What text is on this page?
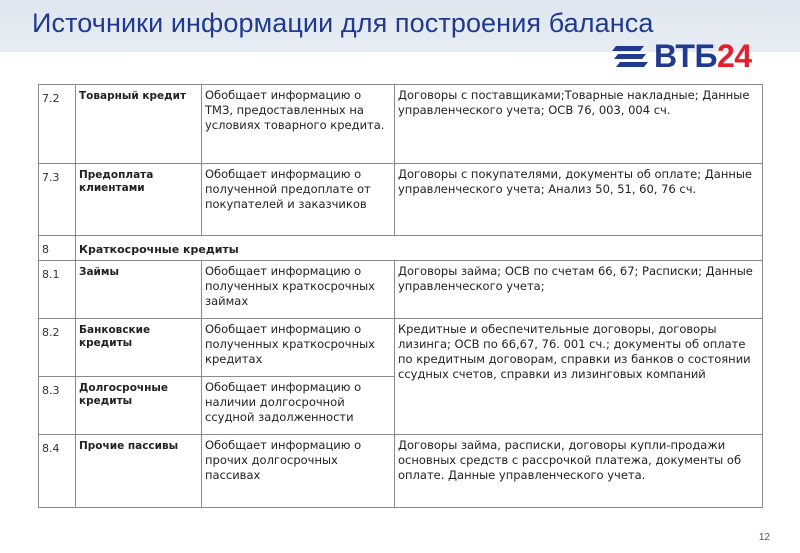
Источники информации для построения баланса
ВТБ24
7.2	Товарный кредит	Обобщает информацию о ТМЗ, предоставленных на условиях товарного кредита.	Договоры с поставщиками;Товарные накладные; Данные управленческого учета; ОСВ 76, 003, 004 сч.
7.3	Предоплата клиентами	Обобщает информацию о полученной предоплате от покупателей и заказчиков	Договоры с покупателями, документы об оплате; Данные управленческого учета; Анализ 50, 51, 60, 76 сч.
8	Краткосрочные кредиты		
8.1	Займы	Обобщает информацию о полученных краткосрочных займах	Договоры займа; ОСВ по счетам 66, 67; Расписки; Данные управленческого учета;
8.2	Банковские кредиты	Обобщает информацию о полученных краткосрочных кредитах	Кредитные и обеспечительные договоры, договоры лизинга; ОСВ по 66,67, 76. 001 сч.; документы об оплате по кредитным договорам, справки из банков о состоянии ссудных счетов, справки из лизинговых компаний
8.3	Долгосрочные кредиты	Обобщает информацию о наличии долгосрочной ссудной задолженности	
8.4	Прочие пассивы	Обобщает информацию о прочих долгосрочных пассивах	Договоры займа, расписки, договоры купли-продажи основных средств с рассрочкой платежа, документы об оплате. Данные управленческого учета.
12
